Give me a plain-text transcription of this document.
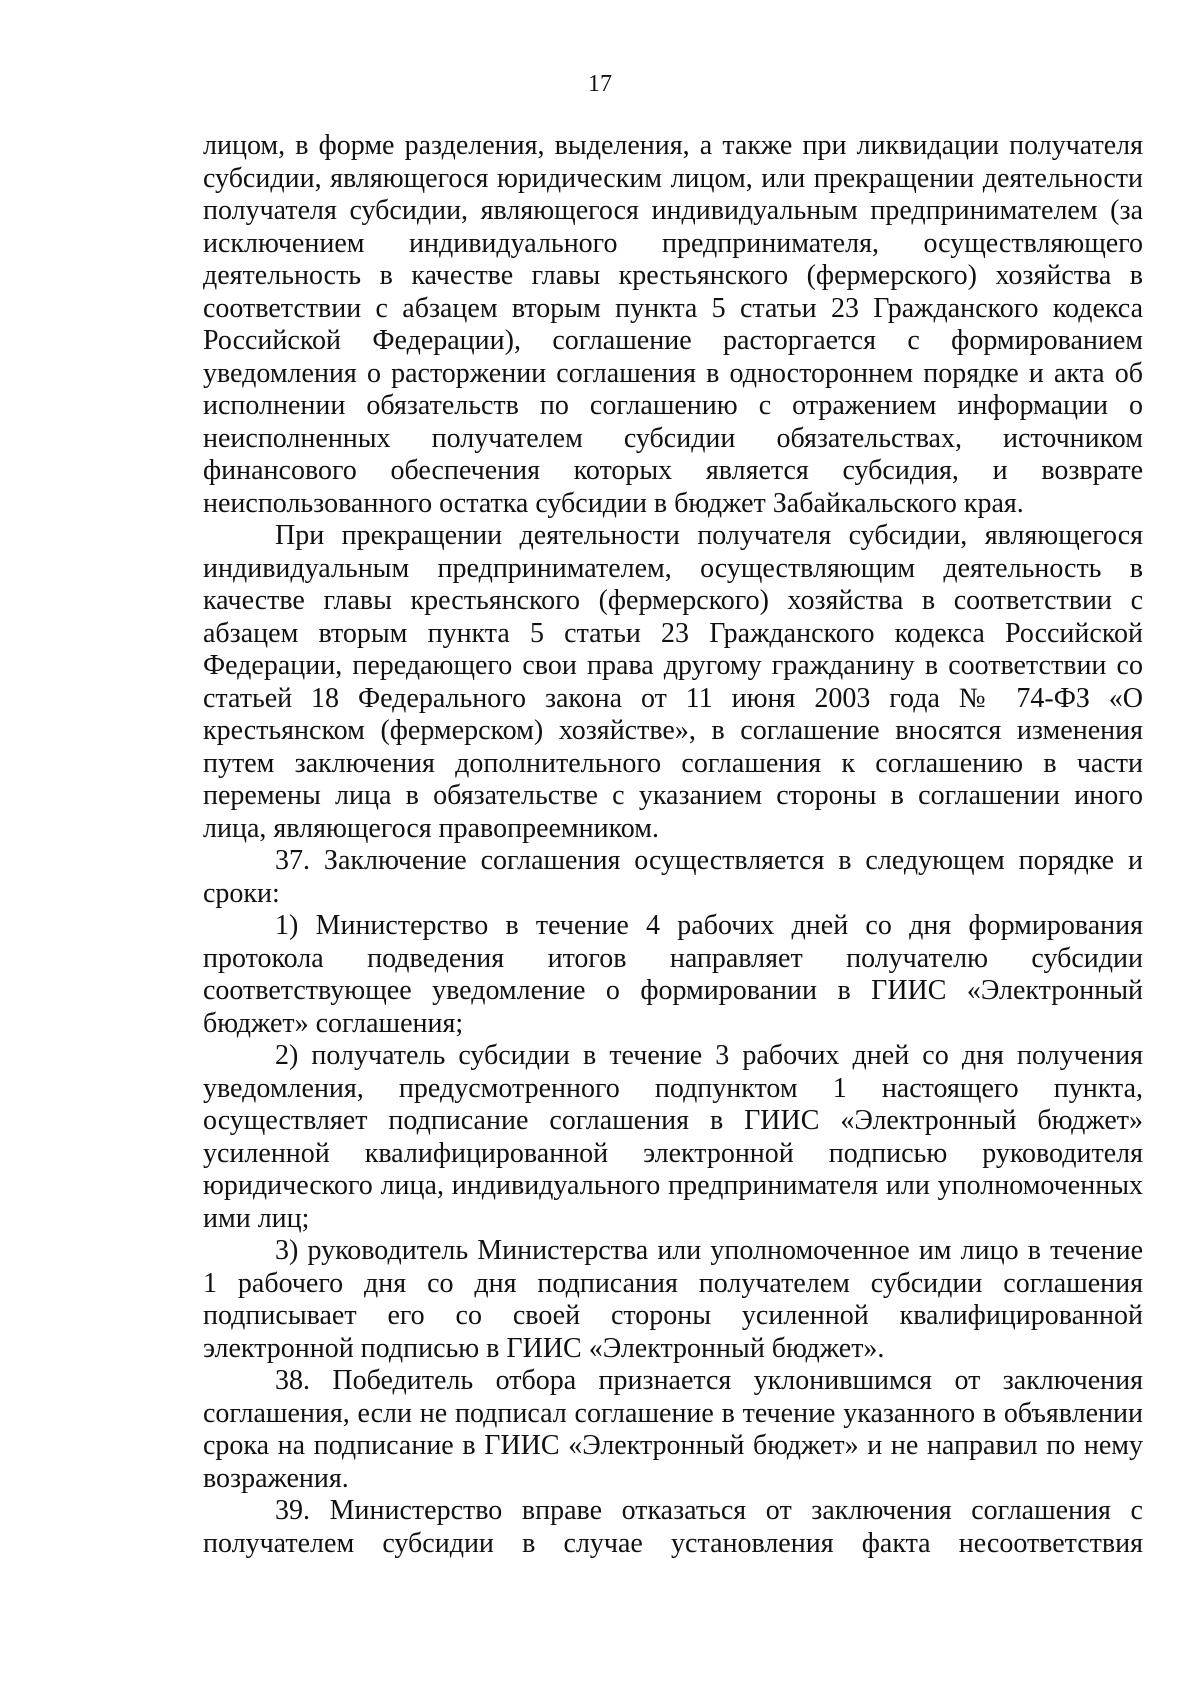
17

лицом, в форме разделения, выделения, а также при ликвидации получателя субсидии, являющегося юридическим лицом, или прекращении деятельности получателя субсидии, являющегося индивидуальным предпринимателем (за исключением индивидуального предпринимателя, осуществляющего деятельность в качестве главы крестьянского (фермерского) хозяйства в соответствии с абзацем вторым пункта 5 статьи 23 Гражданского кодекса Российской Федерации), соглашение расторгается с формированием уведомления о расторжении соглашения в одностороннем порядке и акта об исполнении обязательств по соглашению с отражением информации о неисполненных получателем субсидии обязательствах, источником финансового обеспечения которых является субсидия, и возврате неиспользованного остатка субсидии в бюджет Забайкальского края.

При прекращении деятельности получателя субсидии, являющегося индивидуальным предпринимателем, осуществляющим деятельность в качестве главы крестьянского (фермерского) хозяйства в соответствии с абзацем вторым пункта 5 статьи 23 Гражданского кодекса Российской Федерации, передающего свои права другому гражданину в соответствии со статьей 18 Федерального закона от 11 июня 2003 года № 74-ФЗ «О крестьянском (фермерском) хозяйстве», в соглашение вносятся изменения путем заключения дополнительного соглашения к соглашению в части перемены лица в обязательстве с указанием стороны в соглашении иного лица, являющегося правопреемником.

37. Заключение соглашения осуществляется в следующем порядке и сроки:

1) Министерство в течение 4 рабочих дней со дня формирования протокола подведения итогов направляет получателю субсидии соответствующее уведомление о формировании в ГИИС «Электронный бюджет» соглашения;

2) получатель субсидии в течение 3 рабочих дней со дня получения уведомления, предусмотренного подпунктом 1 настоящего пункта, осуществляет подписание соглашения в ГИИС «Электронный бюджет» усиленной квалифицированной электронной подписью руководителя юридического лица, индивидуального предпринимателя или уполномоченных ими лиц;

3) руководитель Министерства или уполномоченное им лицо в течение 1 рабочего дня со дня подписания получателем субсидии соглашения подписывает его со своей стороны усиленной квалифицированной электронной подписью в ГИИС «Электронный бюджет».

38. Победитель отбора признается уклонившимся от заключения соглашения, если не подписал соглашение в течение указанного в объявлении срока на подписание в ГИИС «Электронный бюджет» и не направил по нему возражения.

39. Министерство вправе отказаться от заключения соглашения с получателем субсидии в случае установления факта несоответствия
